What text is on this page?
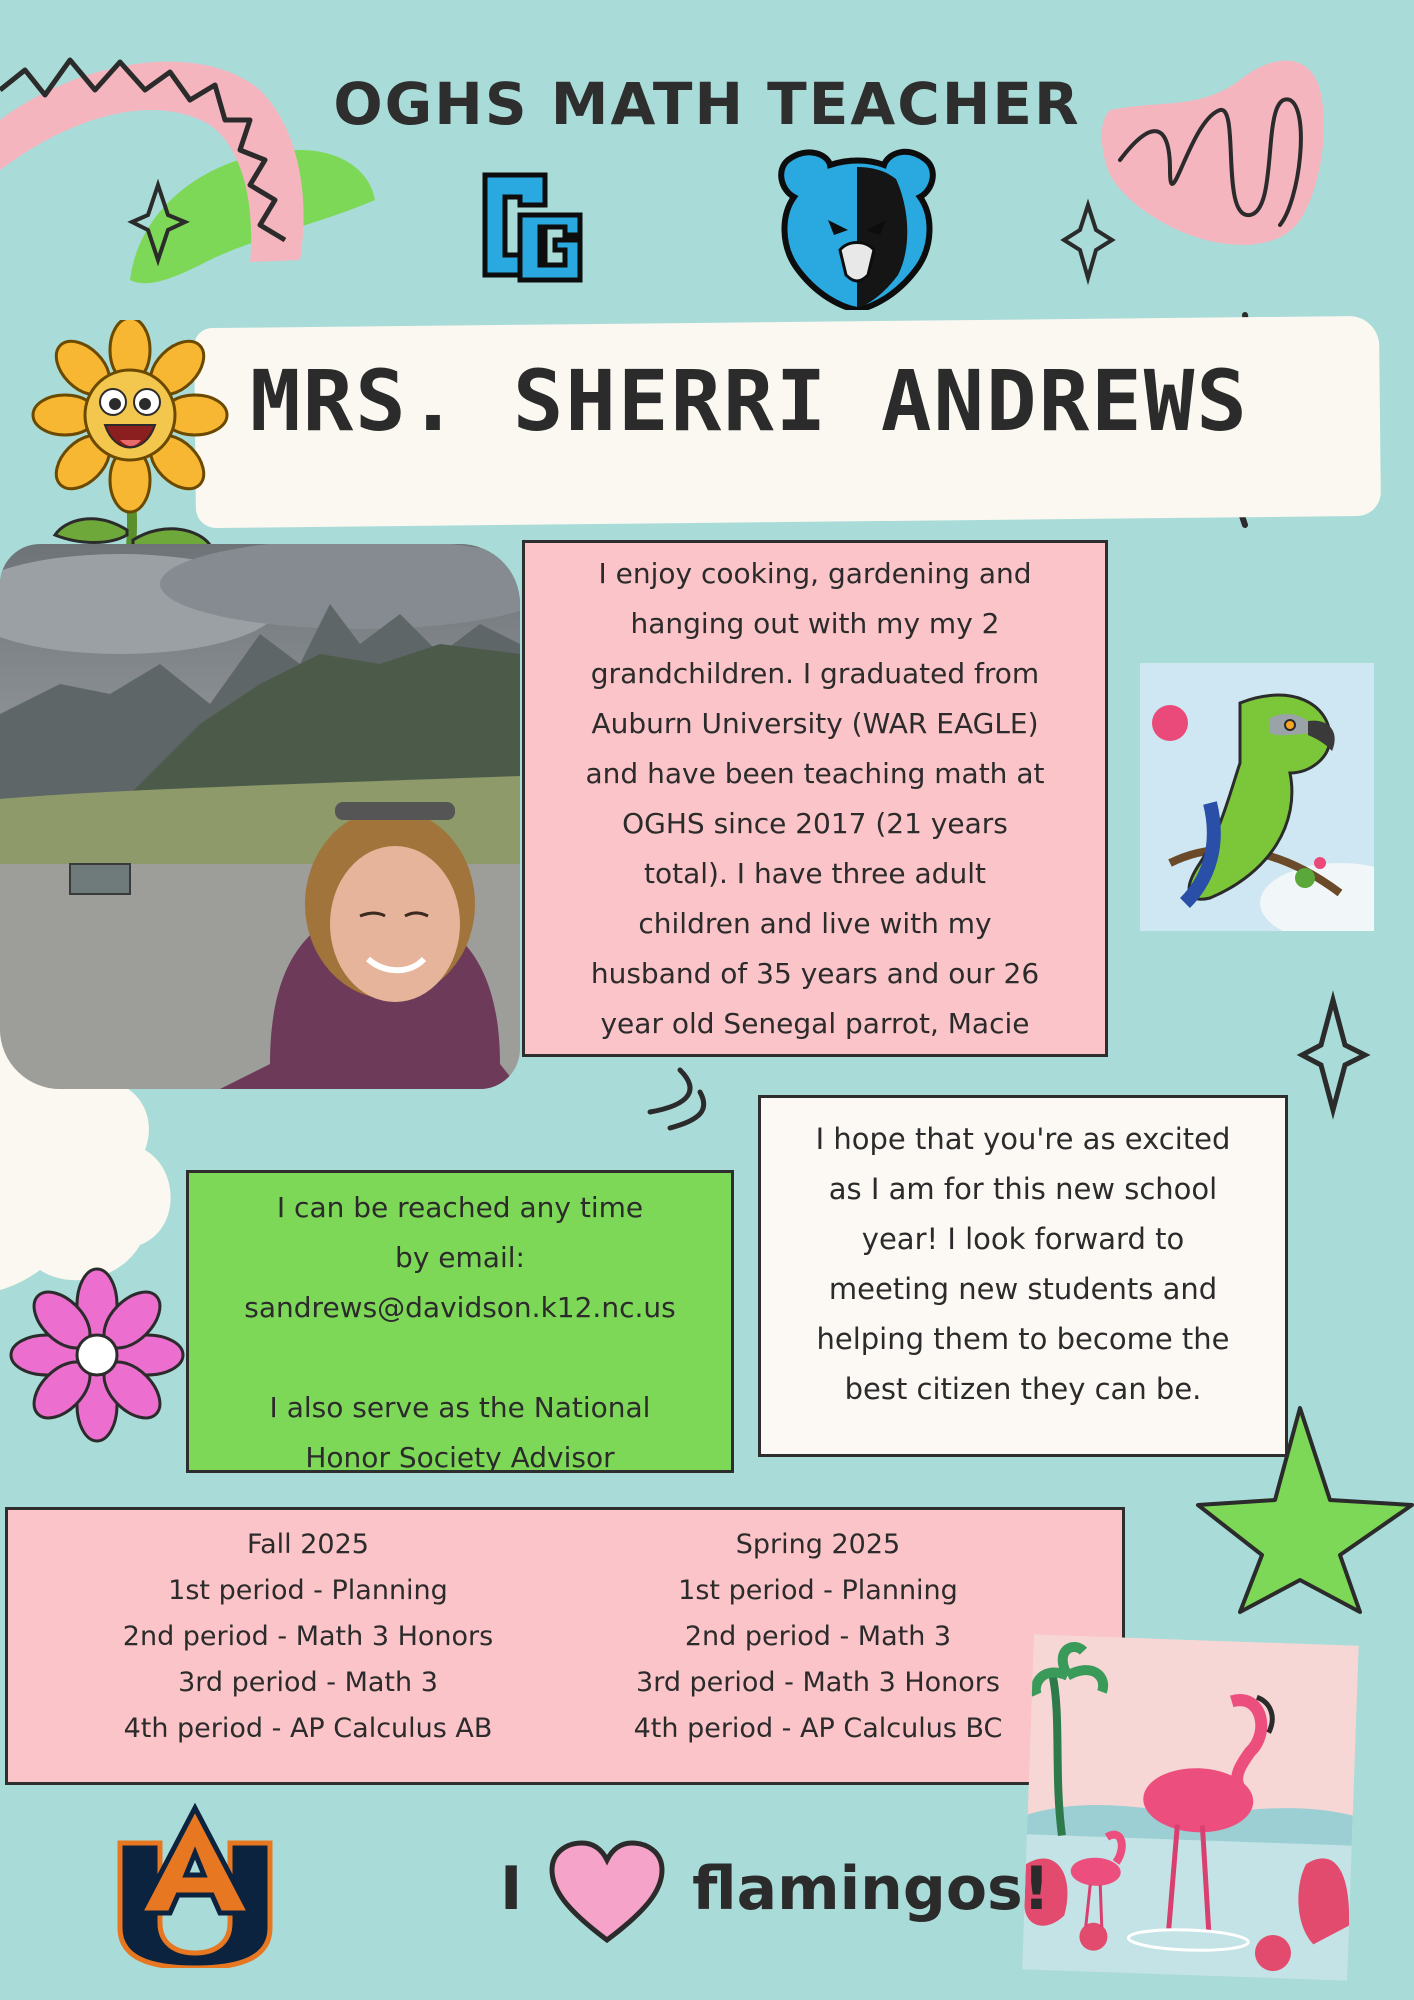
OGHS MATH TEACHER
MRS. SHERRI ANDREWS
I enjoy cooking, gardening and
hanging out with my my 2
grandchildren. I graduated from
Auburn University (WAR EAGLE)
and have been teaching math at
OGHS since 2017 (21 years
total). I have three adult
children and live with my
husband of 35 years and our 26
year old Senegal parrot, Macie
I hope that you're as excited
as I am for this new school
year! I look forward to
meeting new students and
helping them to become the
best citizen they can be.
I can be reached any time
by email:
sandrews@davidson.k12.nc.us
I also serve as the National
Honor Society Advisor
Fall 2025
1st period - Planning
2nd period - Math 3 Honors
3rd period - Math 3
4th period - AP Calculus AB
Spring 2025
1st period - Planning
2nd period - Math 3
3rd period - Math 3 Honors
4th period - AP Calculus BC
I	flamingos!
